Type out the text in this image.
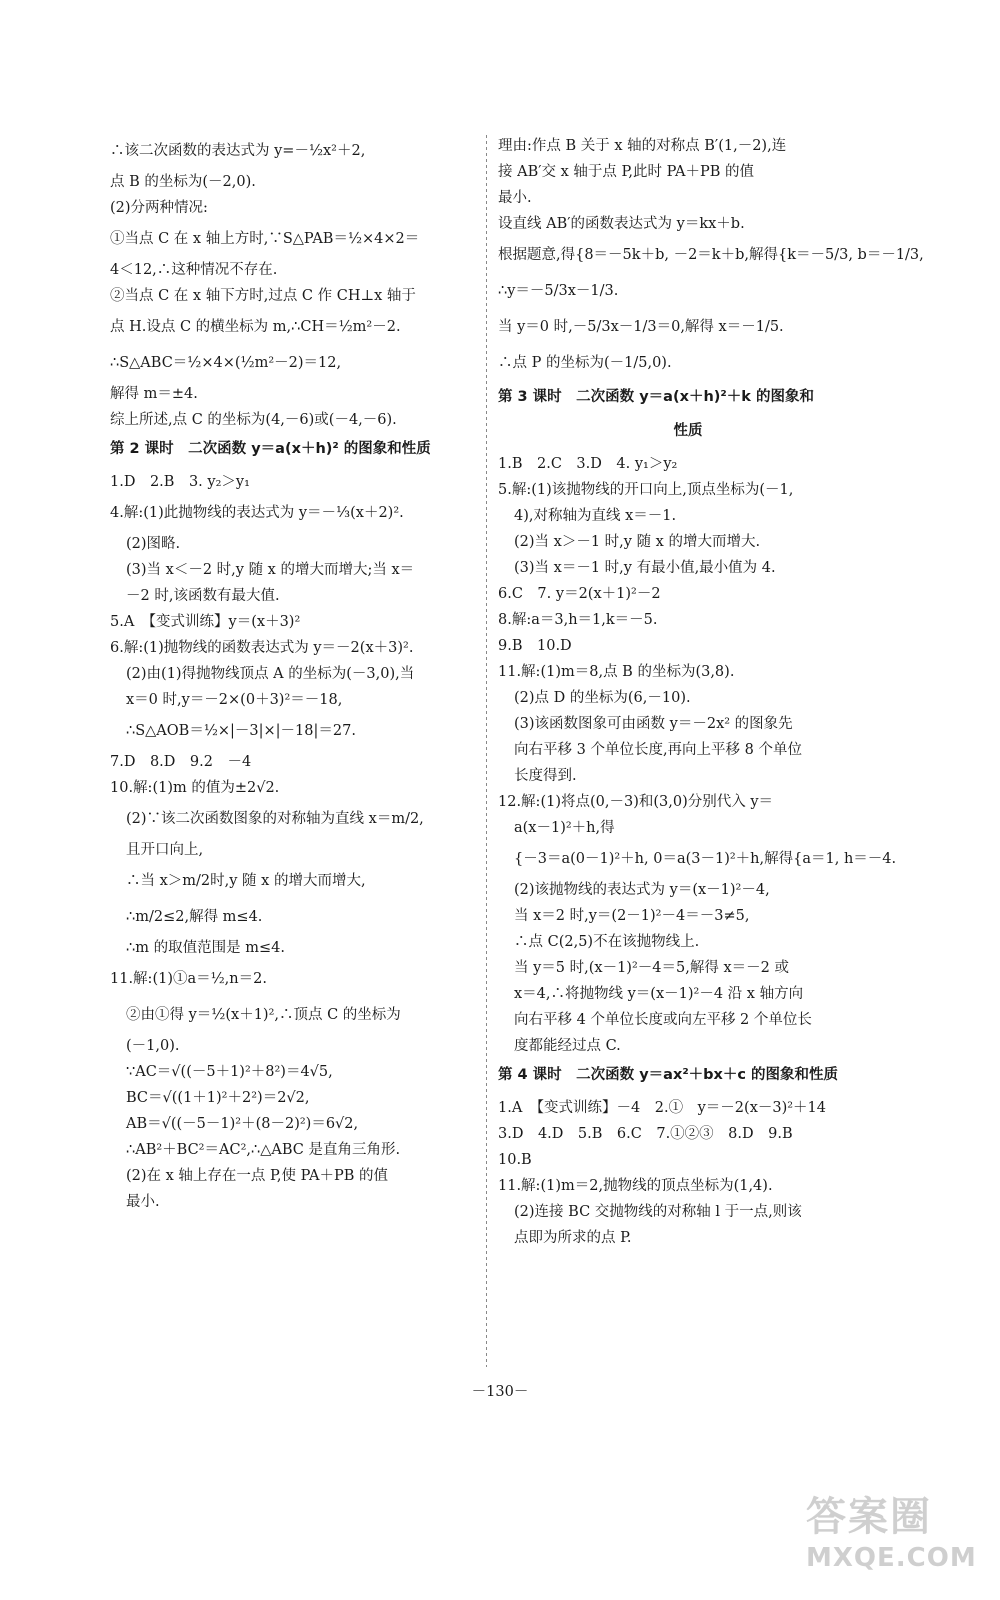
∴该二次函数的表达式为 y=－½x²＋2,
点 B 的坐标为(－2,0).
(2)分两种情况:
①当点 C 在 x 轴上方时,∵S△PAB＝½×4×2＝
4＜12,∴这种情况不存在.
②当点 C 在 x 轴下方时,过点 C 作 CH⊥x 轴于
点 H.设点 C 的横坐标为 m,∴CH＝½m²－2.
∴S△ABC＝½×4×(½m²－2)＝12,
解得 m＝±4.
综上所述,点 C 的坐标为(4,－6)或(－4,－6).
第 2 课时　二次函数 y＝a(x＋h)² 的图象和性质
1.D　2.B　3. y₂＞y₁
4.解:(1)此抛物线的表达式为 y＝－⅓(x＋2)².
(2)图略.
(3)当 x＜－2 时,y 随 x 的增大而增大;当 x＝
－2 时,该函数有最大值.
5.A　【变式训练】y＝(x＋3)²
6.解:(1)抛物线的函数表达式为 y＝－2(x＋3)².
(2)由(1)得抛物线顶点 A 的坐标为(－3,0),当
x＝0 时,y＝－2×(0＋3)²＝－18,
∴S△AOB＝½×|－3|×|－18|＝27.
7.D　8.D　9.2　－4
10.解:(1)m 的值为±2√2.
(2)∵该二次函数图象的对称轴为直线 x＝m/2,
且开口向上,
∴当 x＞m/2时,y 随 x 的增大而增大,
∴m/2≤2,解得 m≤4.
∴m 的取值范围是 m≤4.
11.解:(1)①a＝½,n＝2.
②由①得 y＝½(x＋1)²,∴顶点 C 的坐标为
(－1,0).
∵AC＝√((－5＋1)²＋8²)＝4√5,
BC＝√((1＋1)²＋2²)＝2√2,
AB＝√((－5－1)²＋(8－2)²)＝6√2,
∴AB²＋BC²＝AC²,∴△ABC 是直角三角形.
(2)在 x 轴上存在一点 P,使 PA＋PB 的值
最小.
理由:作点 B 关于 x 轴的对称点 B′(1,－2),连
接 AB′交 x 轴于点 P,此时 PA＋PB 的值
最小.
设直线 AB′的函数表达式为 y＝kx＋b.
根据题意,得{8＝－5k＋b, －2＝k＋b,解得{k＝－5/3, b＝－1/3,
∴y＝－5/3x－1/3.
当 y＝0 时,－5/3x－1/3＝0,解得 x＝－1/5.
∴点 P 的坐标为(－1/5,0).
第 3 课时　二次函数 y＝a(x＋h)²＋k 的图象和
性质
1.B　2.C　3.D　4. y₁＞y₂
5.解:(1)该抛物线的开口向上,顶点坐标为(－1,
4),对称轴为直线 x＝－1.
(2)当 x＞－1 时,y 随 x 的增大而增大.
(3)当 x＝－1 时,y 有最小值,最小值为 4.
6.C　7. y＝2(x＋1)²－2
8.解:a＝3,h＝1,k＝－5.
9.B　10.D
11.解:(1)m＝8,点 B 的坐标为(3,8).
(2)点 D 的坐标为(6,－10).
(3)该函数图象可由函数 y＝－2x² 的图象先
向右平移 3 个单位长度,再向上平移 8 个单位
长度得到.
12.解:(1)将点(0,－3)和(3,0)分别代入 y＝
a(x－1)²＋h,得
{－3＝a(0－1)²＋h, 0＝a(3－1)²＋h,解得{a＝1, h＝－4.
(2)该抛物线的表达式为 y＝(x－1)²－4,
当 x＝2 时,y＝(2－1)²－4＝－3≠5,
∴点 C(2,5)不在该抛物线上.
当 y＝5 时,(x－1)²－4＝5,解得 x＝－2 或
x＝4,∴将抛物线 y＝(x－1)²－4 沿 x 轴方向
向右平移 4 个单位长度或向左平移 2 个单位长
度都能经过点 C.
第 4 课时　二次函数 y＝ax²＋bx＋c 的图象和性质
1.A　【变式训练】－4　2.①　y＝－2(x－3)²＋14
3.D　4.D　5.B　6.C　7.①②③　8.D　9.B
10.B
11.解:(1)m＝2,抛物线的顶点坐标为(1,4).
(2)连接 BC 交抛物线的对称轴 l 于一点,则该
点即为所求的点 P.
－130－
答案圈
MXQE.COM
